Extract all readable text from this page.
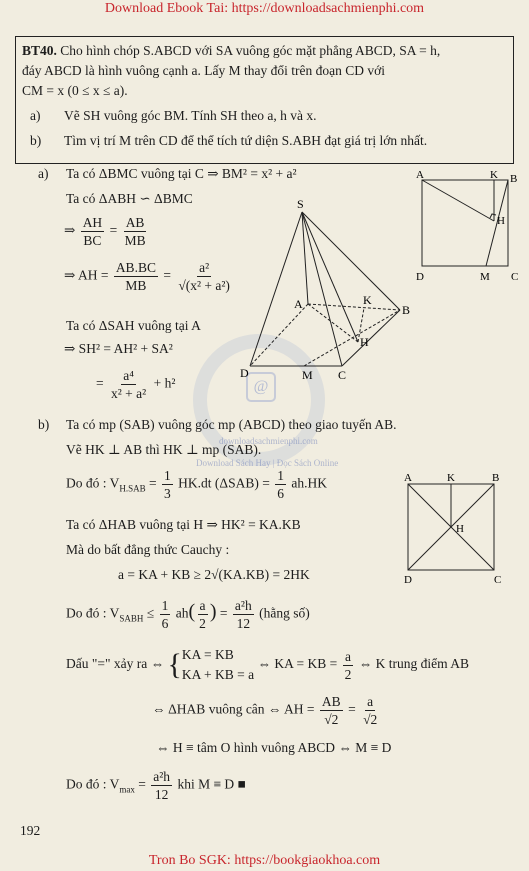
Download Ebook Tai: https://downloadsachmienphi.com
Tron Bo SGK: https://bookgiaokhoa.com
@
downloadsachmienphi.com
Download Sách Hay | Đọc Sách Online
BT40. Cho hình chóp S.ABCD với SA vuông góc mặt phẳng ABCD, SA = h,
đáy ABCD là hình vuông cạnh a. Lấy M thay đổi trên đoạn CD với
CM = x (0 ≤ x ≤ a).
a) Vẽ SH vuông góc BM. Tính SH theo a, h và x.
b) Tìm vị trí M trên CD để thể tích tứ diện S.ABH đạt giá trị lớn nhất.
a) Ta có ΔBMC vuông tại C ⇒ BM² = x² + a²
Ta có ΔABH ∽ ΔBMC
⇒ $\frac{AH}{BC} = \frac{AB}{MB}$
⇒ AH = $\frac{AB.BC}{MB} = \frac{\text{a²}}{\text{√(x² + a²)}}$
Ta có ΔSAH vuông tại A
⇒ SH² = AH² + SA²
= $\frac{\text{a⁴}}{\text{x² + a²}} + h^2$
b) Ta có mp (SAB) vuông góc mp (ABCD) theo giao tuyến AB.
Vẽ HK ⊥ AB thì HK ⊥ mp (SAB).
Do đó : $V_{H.SAB} = \frac{1}{3} HK.dt$ $(\Delta SAB) = \frac{1}{6} ah.HK$
Ta có ΔHAB vuông tại H ⇒ HK² = KA.KB
Mà do bất đẳng thức Cauchy :
a = KA + KB ≥ 2√(KA.KB) = 2HK
Do đó : $V_{SABH} \le \frac{1}{6} ah( \frac{a}{2}$ ) = $\frac{\text{a²h}}{12}$ (hằng số)
Dấu "=" xảy ra ⇔ { KA = KB
KA + KB = a
⇔ KA = KB = $\frac{a}{2}$ ⇔ K trung điểm AB
⇔ ΔHAB vuông cân ⇔ AH = $\frac{AB}{√2} = \frac{a}{√2}$
⇔ H ≡ tâm O hình vuông ABCD ⇔ M ≡ D
Do đó : $V_{max} = \frac{\text{a²h}}{12}$ khi M ≡ D ■
192
S
A	B
C
D	M
K
H
A	B
C
D
K
M
H
A	B
C
D
K
H
